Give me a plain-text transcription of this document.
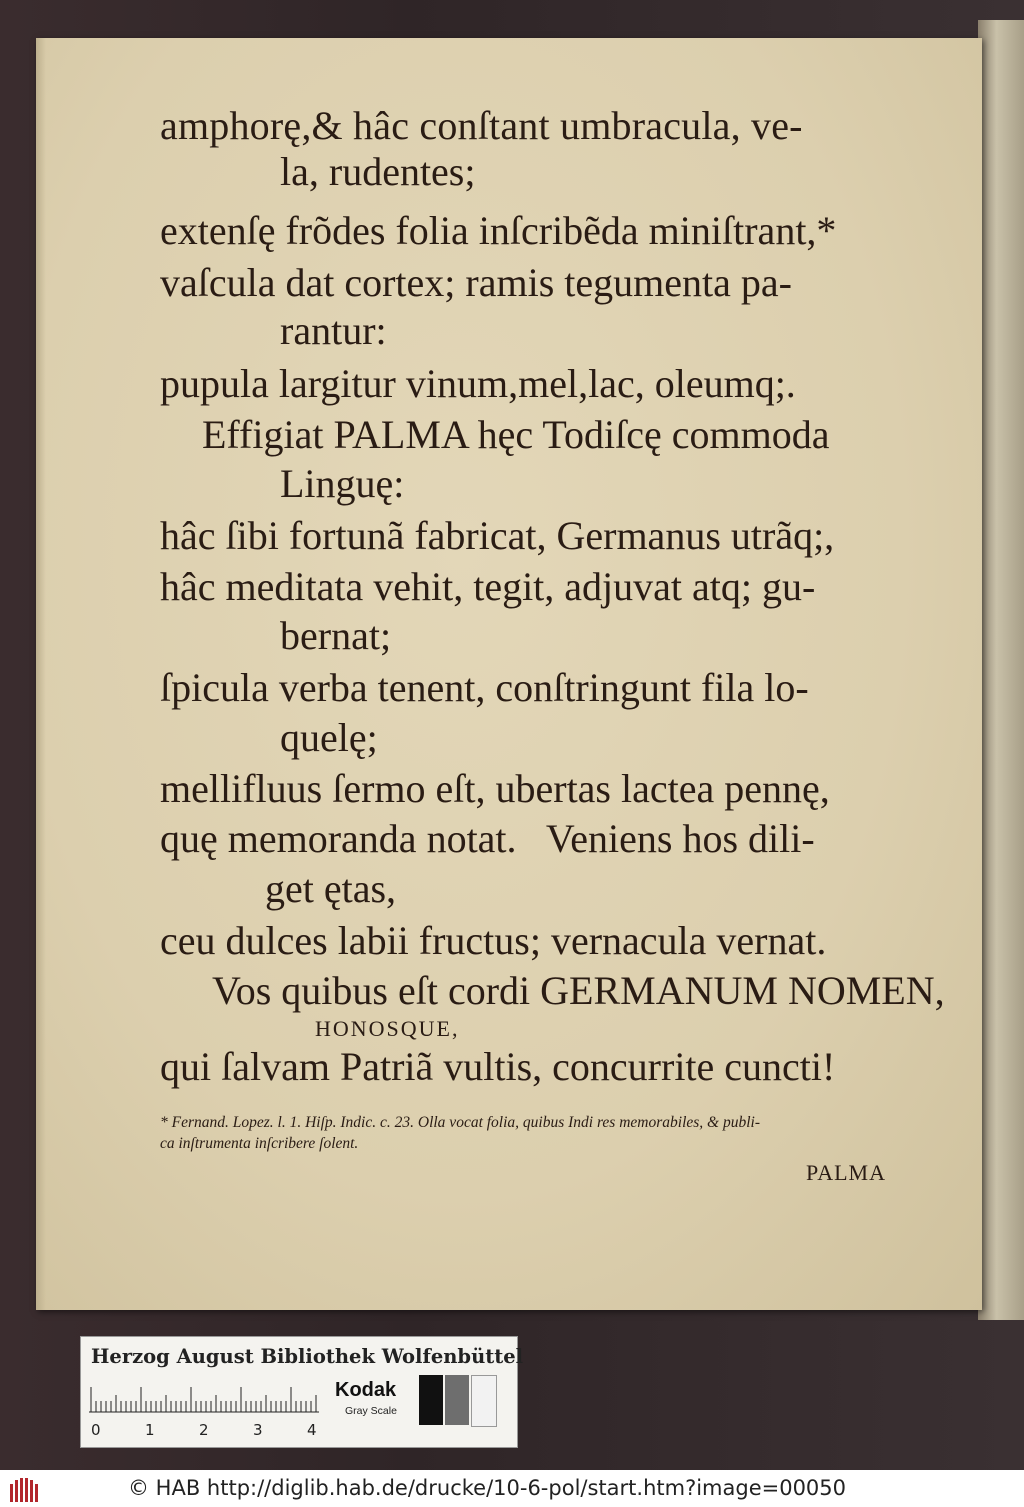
amphorę,& hâc conſtant umbracula, ve-
la, rudentes;
extenſę frõdes folia inſcribẽda miniſtrant,*
vaſcula dat cortex; ramis tegumenta pa-
rantur:
pupula largitur vinum,mel,lac, oleumq;.
Effigiat PALMA hęc Todiſcę commoda
Linguę:
hâc ſibi fortunã fabricat, Germanus utrãq;,
hâc meditata vehit, tegit, adjuvat atq; gu-
bernat;
ſpicula verba tenent, conſtringunt fila lo-
quelę;
mellifluus ſermo eſt, ubertas lactea pennę,
quę memoranda notat.   Veniens hos dili-
get ętas,
ceu dulces labii fructus; vernacula vernat.
Vos quibus eſt cordi GERMANUM NOMEN,
HONOSQUE,
qui ſalvam Patriã vultis, concurrite cuncti!
* Fernand. Lopez. l. 1. Hiſp. Indic. c. 23. Olla vocat folia, quibus Indi res memorabiles, & publi-
ca inſtrumenta inſcribere ſolent.
PALMA
Herzog August Bibliothek Wolfenbüttel
0	1	2	3	4
Kodak
Gray Scale
© HAB http://diglib.hab.de/drucke/10-6-pol/start.htm?image=00050
